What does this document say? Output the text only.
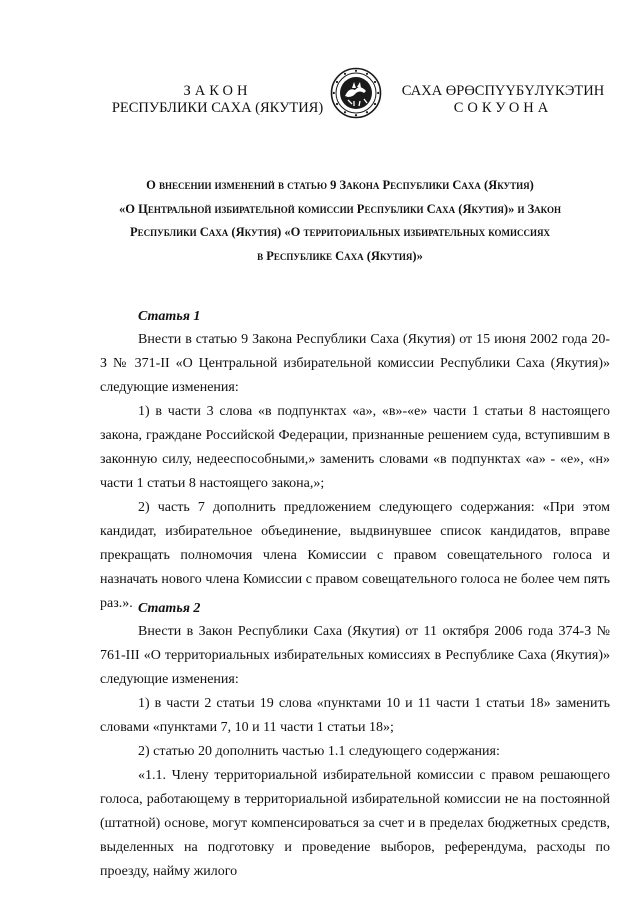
ЗАКОН
РЕСПУБЛИКИ САХА (ЯКУТИЯ)
САХА ӨРӨСПҮҮБҮЛҮКЭТИН
СОКУОНА
О внесении изменений в статью 9 Закона Республики Саха (Якутия)
«О Центральной избирательной комиссии Республики Саха (Якутия)» и Закон
Республики Саха (Якутия) «О территориальных избирательных комиссиях
в Республике Саха (Якутия)»
Статья 1

Внести в статью 9 Закона Республики Саха (Якутия) от 15 июня 2002 года 20-З № 371-II «О Центральной избирательной комиссии Республики Саха (Якутия)» следующие изменения:

1) в части 3 слова «в подпунктах «а», «в»-«е» части 1 статьи 8 настоящего закона, граждане Российской Федерации, признанные решением суда, вступившим в законную силу, недееспособными,» заменить словами «в подпунктах «а» - «е», «н» части 1 статьи 8 настоящего закона,»;

2) часть 7 дополнить предложением следующего содержания: «При этом кандидат, избирательное объединение, выдвинувшее список кандидатов, вправе прекращать полномочия члена Комиссии с правом совещательного голоса и назначать нового члена Комиссии с правом совещательного голоса не более чем пять раз.». Статья 2

Внести в Закон Республики Саха (Якутия) от 11 октября 2006 года 374-З № 761-III «О территориальных избирательных комиссиях в Республике Саха (Якутия)» следующие изменения:

1) в части 2 статьи 19 слова «пунктами 10 и 11 части 1 статьи 18» заменить словами «пунктами 7, 10 и 11 части 1 статьи 18»;

2) статью 20 дополнить частью 1.1 следующего содержания:

«1.1. Члену территориальной избирательной комиссии с правом решающего голоса, работающему в территориальной избирательной комиссии не на постоянной (штатной) основе, могут компенсироваться за счет и в пределах бюджетных средств, выделенных на подготовку и проведение выборов, референдума, расходы по проезду, найму жилого
